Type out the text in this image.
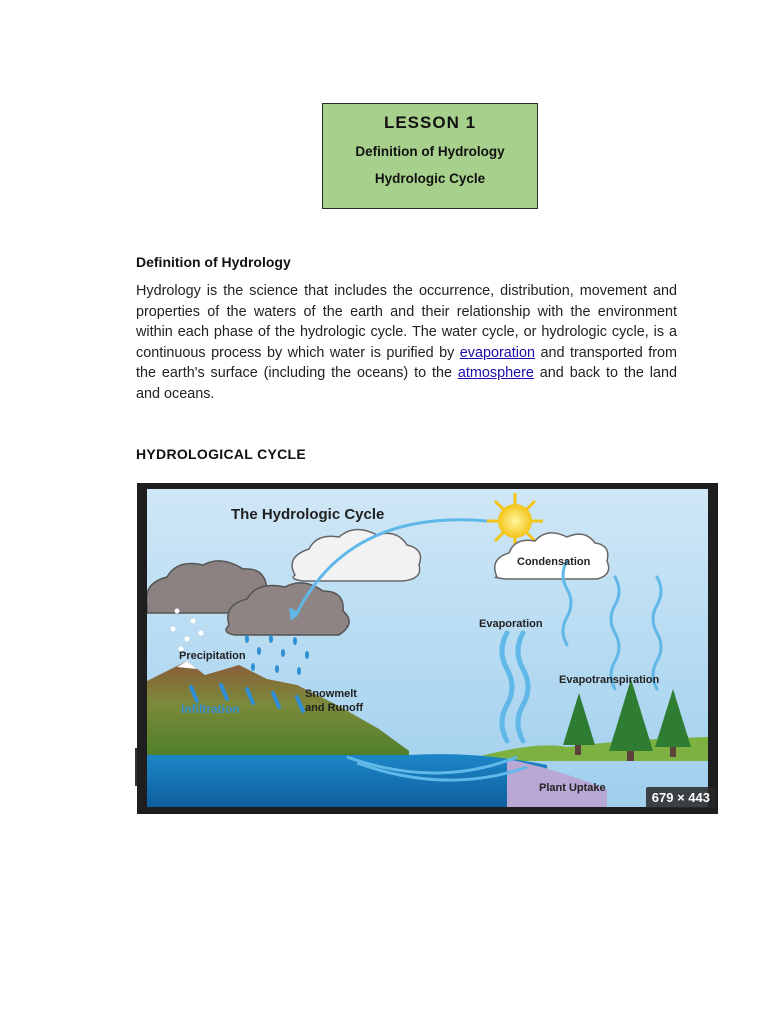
LESSON 1
Definition of Hydrology
Hydrologic Cycle
Definition of Hydrology
Hydrology is the science that includes the occurrence, distribution, movement and properties of the waters of the earth and their relationship with the environment within each phase of the hydrologic cycle. The water cycle, or hydrologic cycle, is a continuous process by which water is purified by evaporation and transported from the earth's surface (including the oceans) to the atmosphere and back to the land and oceans.
HYDROLOGICAL CYCLE
The Hydrologic Cycle
Condensation
Evaporation
Evapotranspiration
Precipitation
Infiltration
Snowmelt
and Runoff
Plant Uptake
679 × 443
